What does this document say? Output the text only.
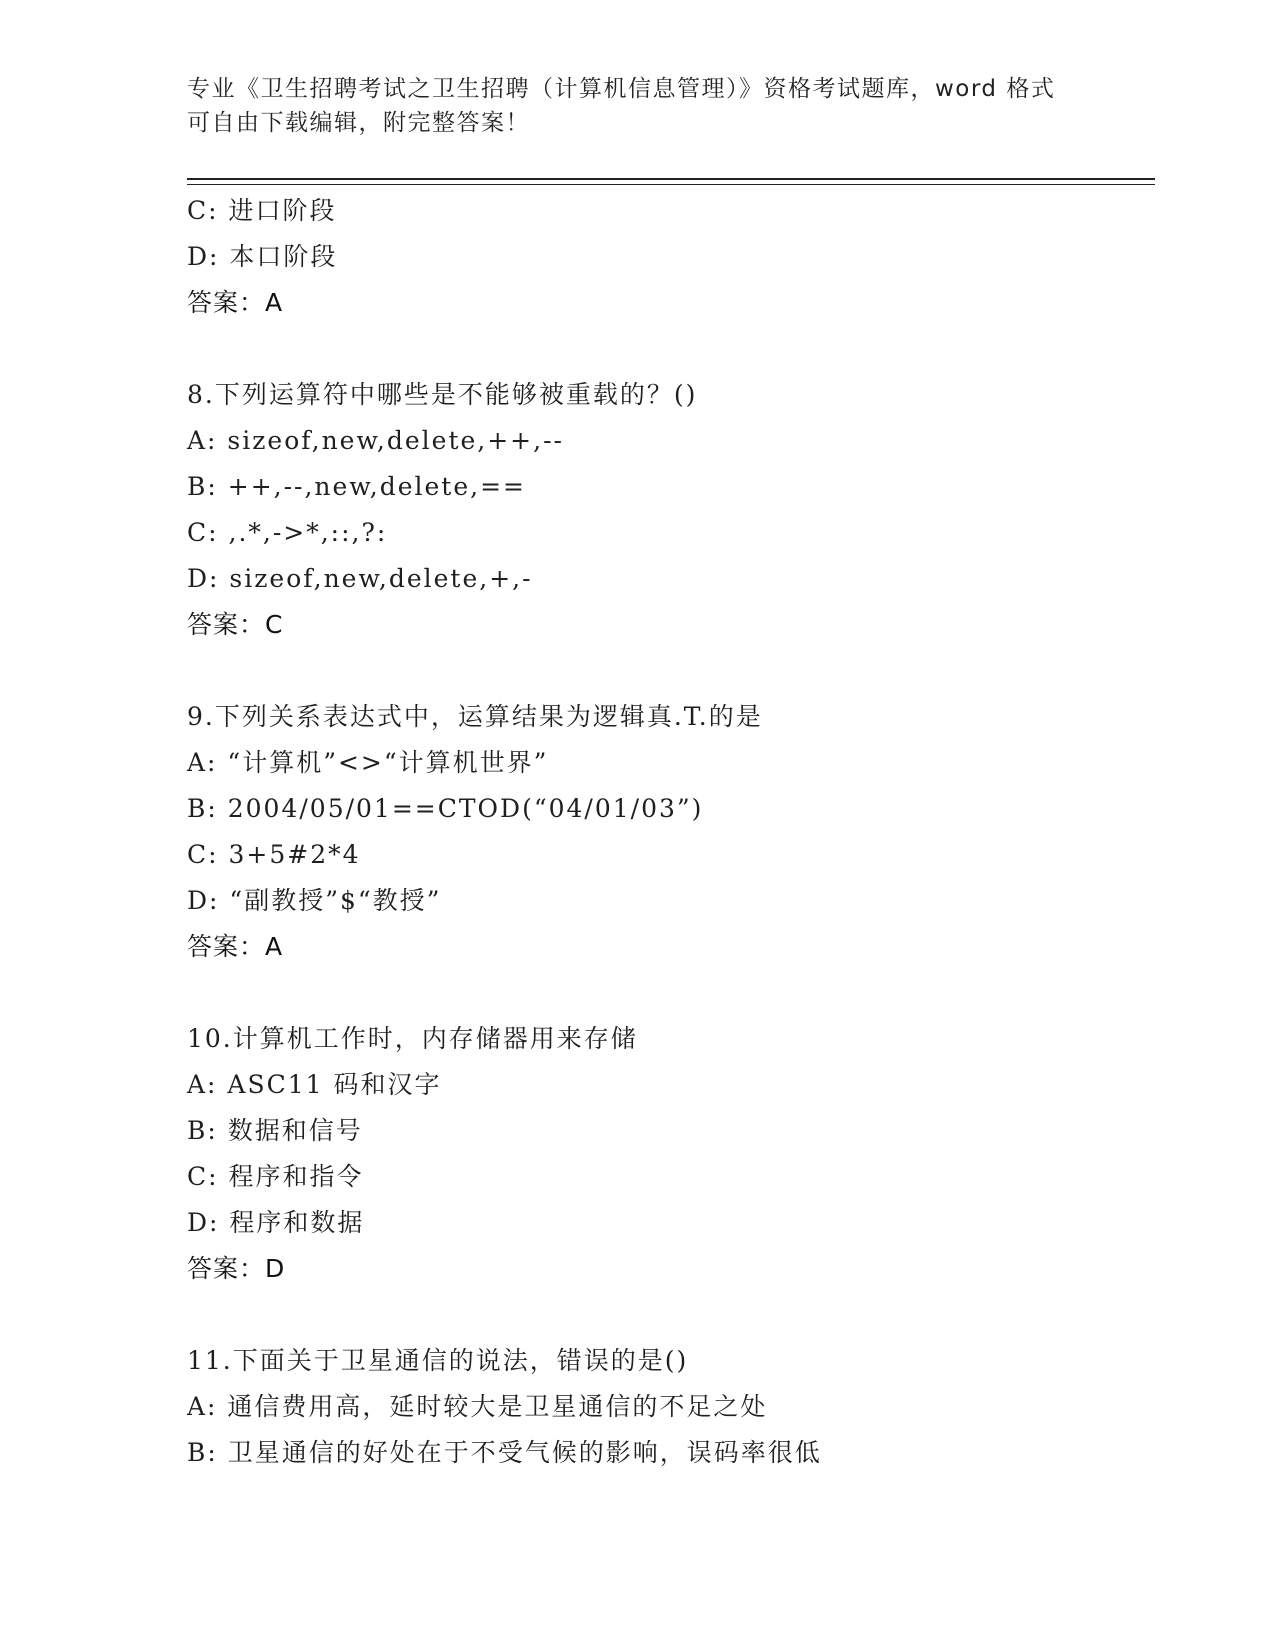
专业《卫生招聘考试之卫生招聘（计算机信息管理）》资格考试题库，word 格式
可自由下载编辑，附完整答案！
C: 进口阶段
D: 本口阶段
答案：A
8.下列运算符中哪些是不能够被重载的？()
A: sizeof,new,delete,++,--
B: ++,--,new,delete,==
C: ,.*,->*,::,?:
D: sizeof,new,delete,+,-
答案：C
9.下列关系表达式中，运算结果为逻辑真.T.的是
A: “计算机”<>“计算机世界”
B: 2004/05/01==CTOD(“04/01/03”)
C: 3+5#2*4
D: “副教授”$“教授”
答案：A
10.计算机工作时，内存储器用来存储
A: ASC11 码和汉字
B: 数据和信号
C: 程序和指令
D: 程序和数据
答案：D
11.下面关于卫星通信的说法，错误的是()
A: 通信费用高，延时较大是卫星通信的不足之处
B: 卫星通信的好处在于不受气候的影响，误码率很低
